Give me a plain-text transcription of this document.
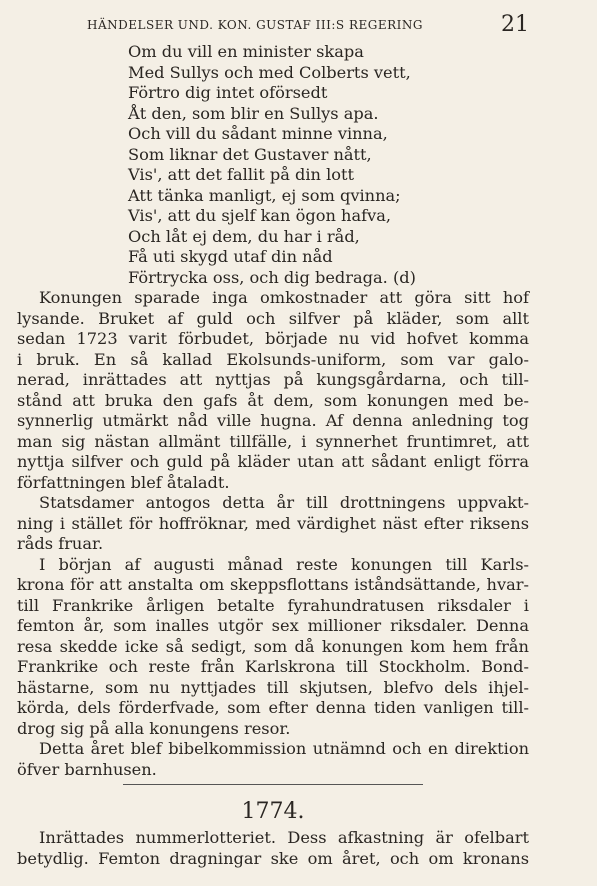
HÄNDELSER UND. KON. GUSTAF III:S REGERING	21
Om du vill en minister skapa
Med Sullys och med Colberts vett,
Förtro dig intet oförsedt
Åt den, som blir en Sullys apa.
Och vill du sådant minne vinna,
Som liknar det Gustaver nått,
Vis', att det fallit på din lott
Att tänka manligt, ej som qvinna;
Vis', att du sjelf kan ögon hafva,
Och låt ej dem, du har i råd,
Få uti skygd utaf din nåd
Förtrycka oss, och dig bedraga. (d)
Konungen sparade inga omkostnader att göra sitt hof
lysande. Bruket af guld och silfver på kläder, som allt
sedan 1723 varit förbudet, började nu vid hofvet komma
i bruk. En så kallad Ekolsunds-uniform, som var galo-
nerad, inrättades att nyttjas på kungsgårdarna, och till-
stånd att bruka den gafs åt dem, som konungen med be-
synnerlig utmärkt nåd ville hugna. Af denna anledning tog
man sig nästan allmänt tillfälle, i synnerhet fruntimret, att
nyttja silfver och guld på kläder utan att sådant enligt förra
författningen blef åtaladt.
Statsdamer antogos detta år till drottningens uppvakt-
ning i stället för hoffröknar, med värdighet näst efter riksens
råds fruar.
I början af augusti månad reste konungen till Karls-
krona för att anstalta om skeppsflottans iståndsättande, hvar-
till Frankrike årligen betalte fyrahundratusen riksdaler i
femton år, som inalles utgör sex millioner riksdaler. Denna
resa skedde icke så sedigt, som då konungen kom hem från
Frankrike och reste från Karlskrona till Stockholm. Bond-
hästarne, som nu nyttjades till skjutsen, blefvo dels ihjel-
körda, dels förderfvade, som efter denna tiden vanligen till-
drog sig på alla konungens resor.
Detta året blef bibelkommission utnämnd och en direktion
öfver barnhusen.
1774.
Inrättades nummerlotteriet. Dess afkastning är ofelbart
betydlig. Femton dragningar ske om året, och om kronans
